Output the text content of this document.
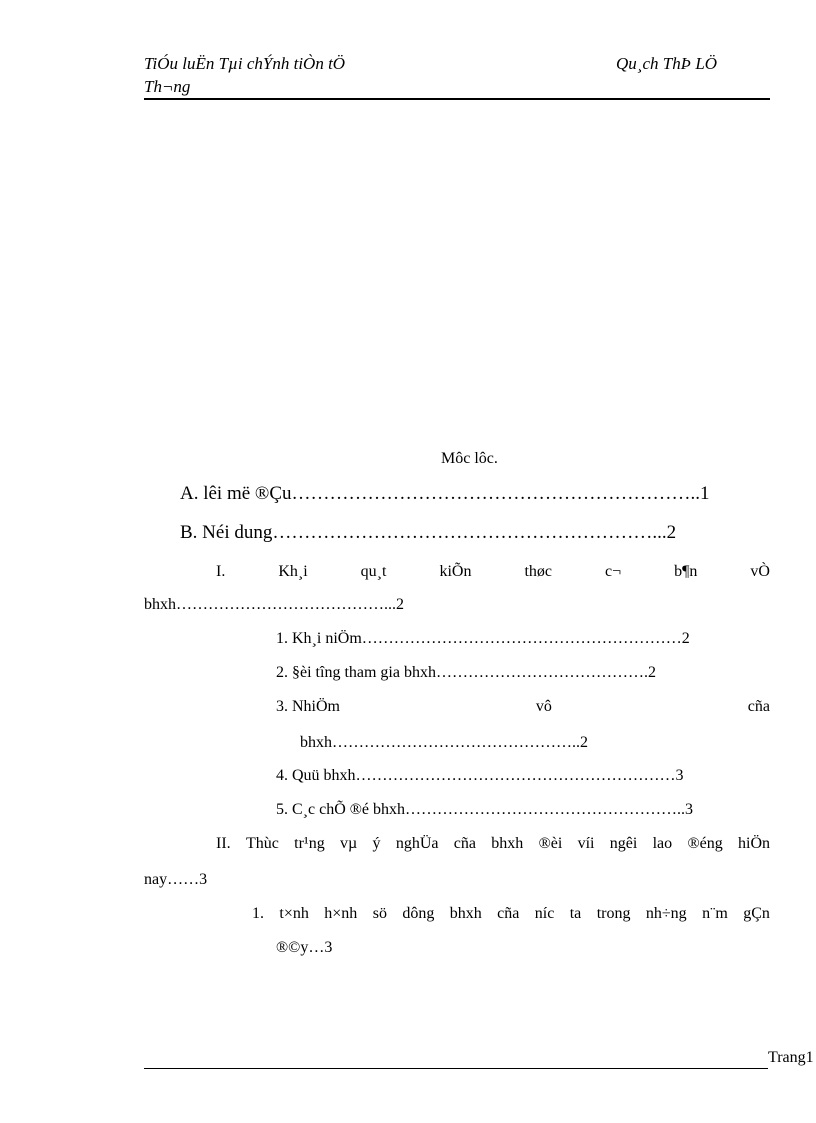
TiÓu luËn Tµi chÝnh tiÒn tÖ
Th¬ng
Qu¸ch ThÞ LÖ
Môc lôc.
A. lêi më ®Çu………………………………………………………..1
B. Néi dung……………………………………………………...2
I.	Kh¸i	qu¸t	kiÕn	thøc	c¬	b¶n	vÒ
bhxh…………………………………...2
1. Kh¸i niÖm……………………………………………………2
2. §èi tîng tham gia bhxh………………………………….2
3. NhiÖm	vô	cña
bhxh………………………………………..2
4. Quü bhxh……………………………………………………3
5. C¸c chÕ ®é bhxh……………………………………………..3
II. Thùc tr¹ng vµ ý nghÜa cña bhxh ®èi víi ngêi lao ®éng hiÖn
nay……3
1. t×nh h×nh sö dông bhxh cña níc ta trong nh÷ng n¨m gÇn
®©y…3
Trang1
